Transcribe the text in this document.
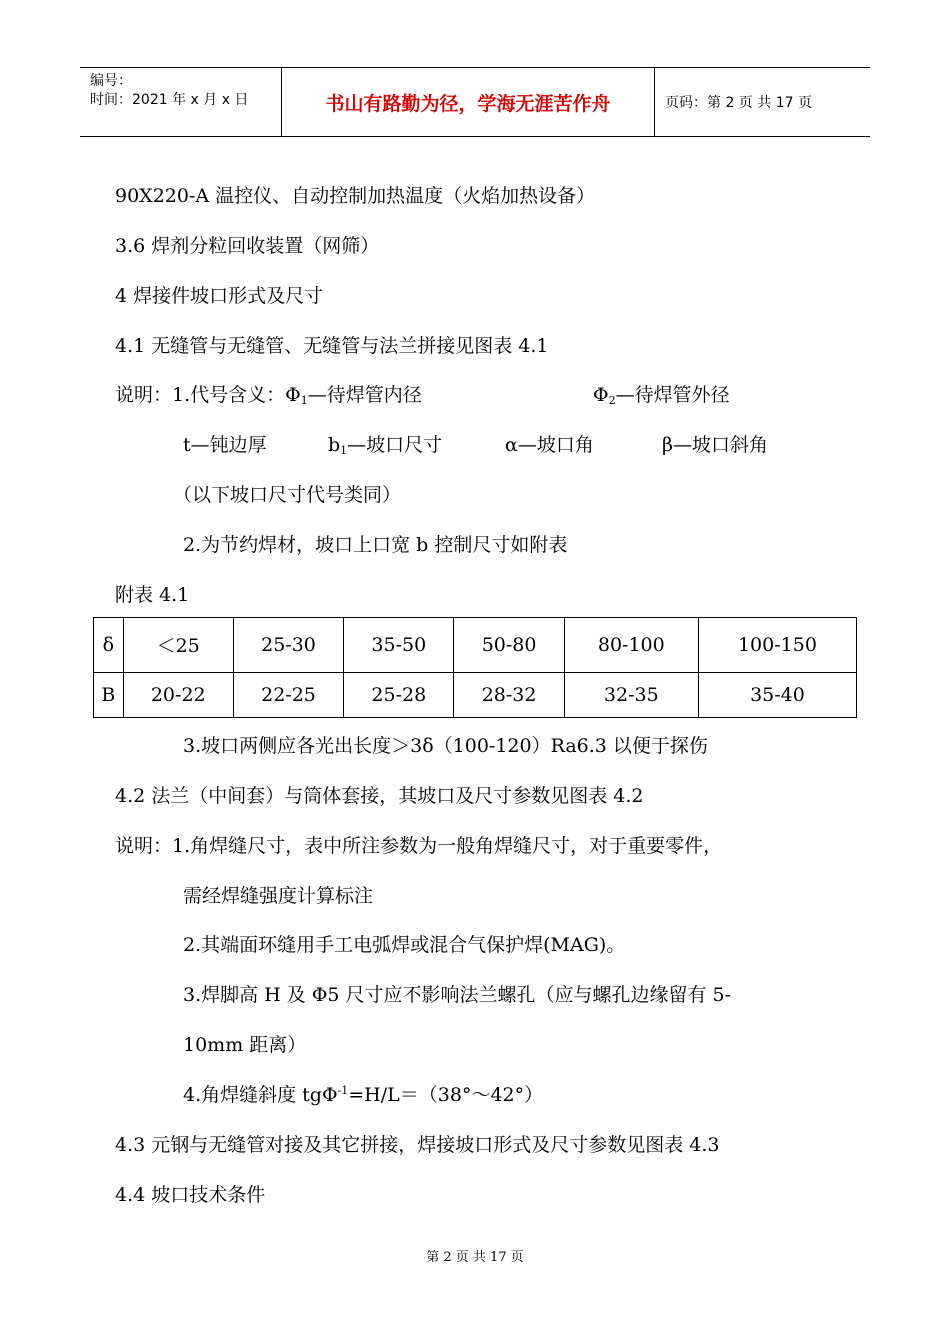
编号：
时间：2021 年 x 月 x 日	书山有路勤为径，学海无涯苦作舟	页码：第 2 页 共 17 页
90X220-A 温控仪、自动控制加热温度（火焰加热设备）
3.6 焊剂分粒回收装置（网筛）
4 焊接件坡口形式及尺寸
4.1 无缝管与无缝管、无缝管与法兰拼接见图表 4.1
说明：1.代号含义：$\Phi_1—$待焊管内径	$\Phi_2—$待焊管外径
t—钝边厚	$b_1—$坡口尺寸	α—坡口角	β—坡口斜角
（以下坡口尺寸代号类同）
2.为节约焊材，坡口上口宽 b 控制尺寸如附表
附表 4.1
δ	＜25	25-30	35-50	50-80	80-100	100-150
B	20-22	22-25	25-28	28-32	32-35	35-40
3.坡口两侧应各光出长度＞3δ（100-120）Ra6.3 以便于探伤
4.2 法兰（中间套）与筒体套接，其坡口及尺寸参数见图表 4.2
说明：1.角焊缝尺寸，表中所注参数为一般角焊缝尺寸，对于重要零件，
需经焊缝强度计算标注
2.其端面环缝用手工电弧焊或混合气保护焊(MAG)。
3.焊脚高 H 及 Φ5 尺寸应不影响法兰螺孔（应与螺孔边缘留有 5-
10mm 距离）
4.角焊缝斜度 tgΦ$^{-1}$=H/L＝（38°～42°）
4.3 元钢与无缝管对接及其它拼接，焊接坡口形式及尺寸参数见图表 4.3
4.4 坡口技术条件
第 2 页 共 17 页
